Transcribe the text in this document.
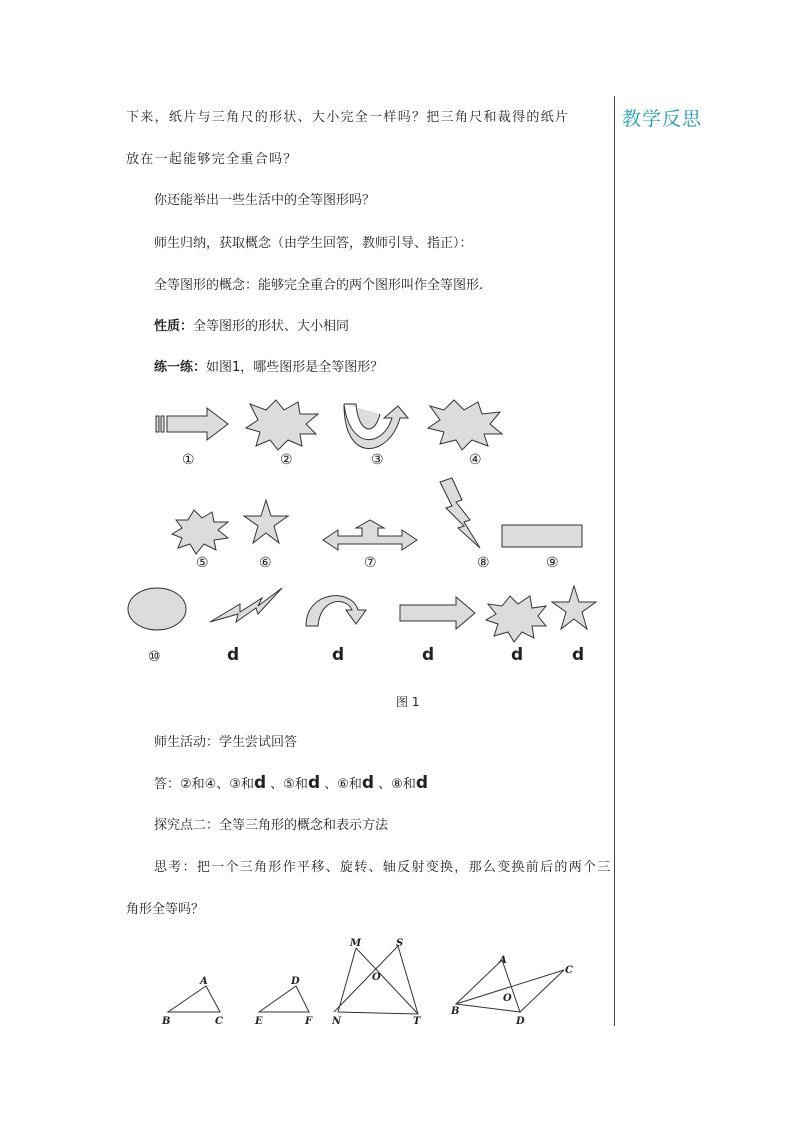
教学反思
下来，纸片与三角尺的形状、大小完全一样吗？把三角尺和裁得的纸片
放在一起能够完全重合吗？
你还能举出一些生活中的全等图形吗？
师生归纳，获取概念（由学生回答，教师引导、指正）：
全等图形的概念：能够完全重合的两个图形叫作全等图形.
性质：全等图形的形状、大小相同
练一练：如图1，哪些图形是全等图形？
①	②	③	④
⑤	⑥	⑦	⑧	⑨
⑩	d	d	d	d	d
图 1
师生活动：学生尝试回答
答：②和④、③和d 、⑤和d 、⑥和d 、⑧和d
探究点二：全等三角形的概念和表示方法
思考：把一个三角形作平移、旋转、轴反射变换，那么变换前后的两个三
角形全等吗？
A
B	C
D
E	F
M	S
O
N	T
A
C
O
B
D
